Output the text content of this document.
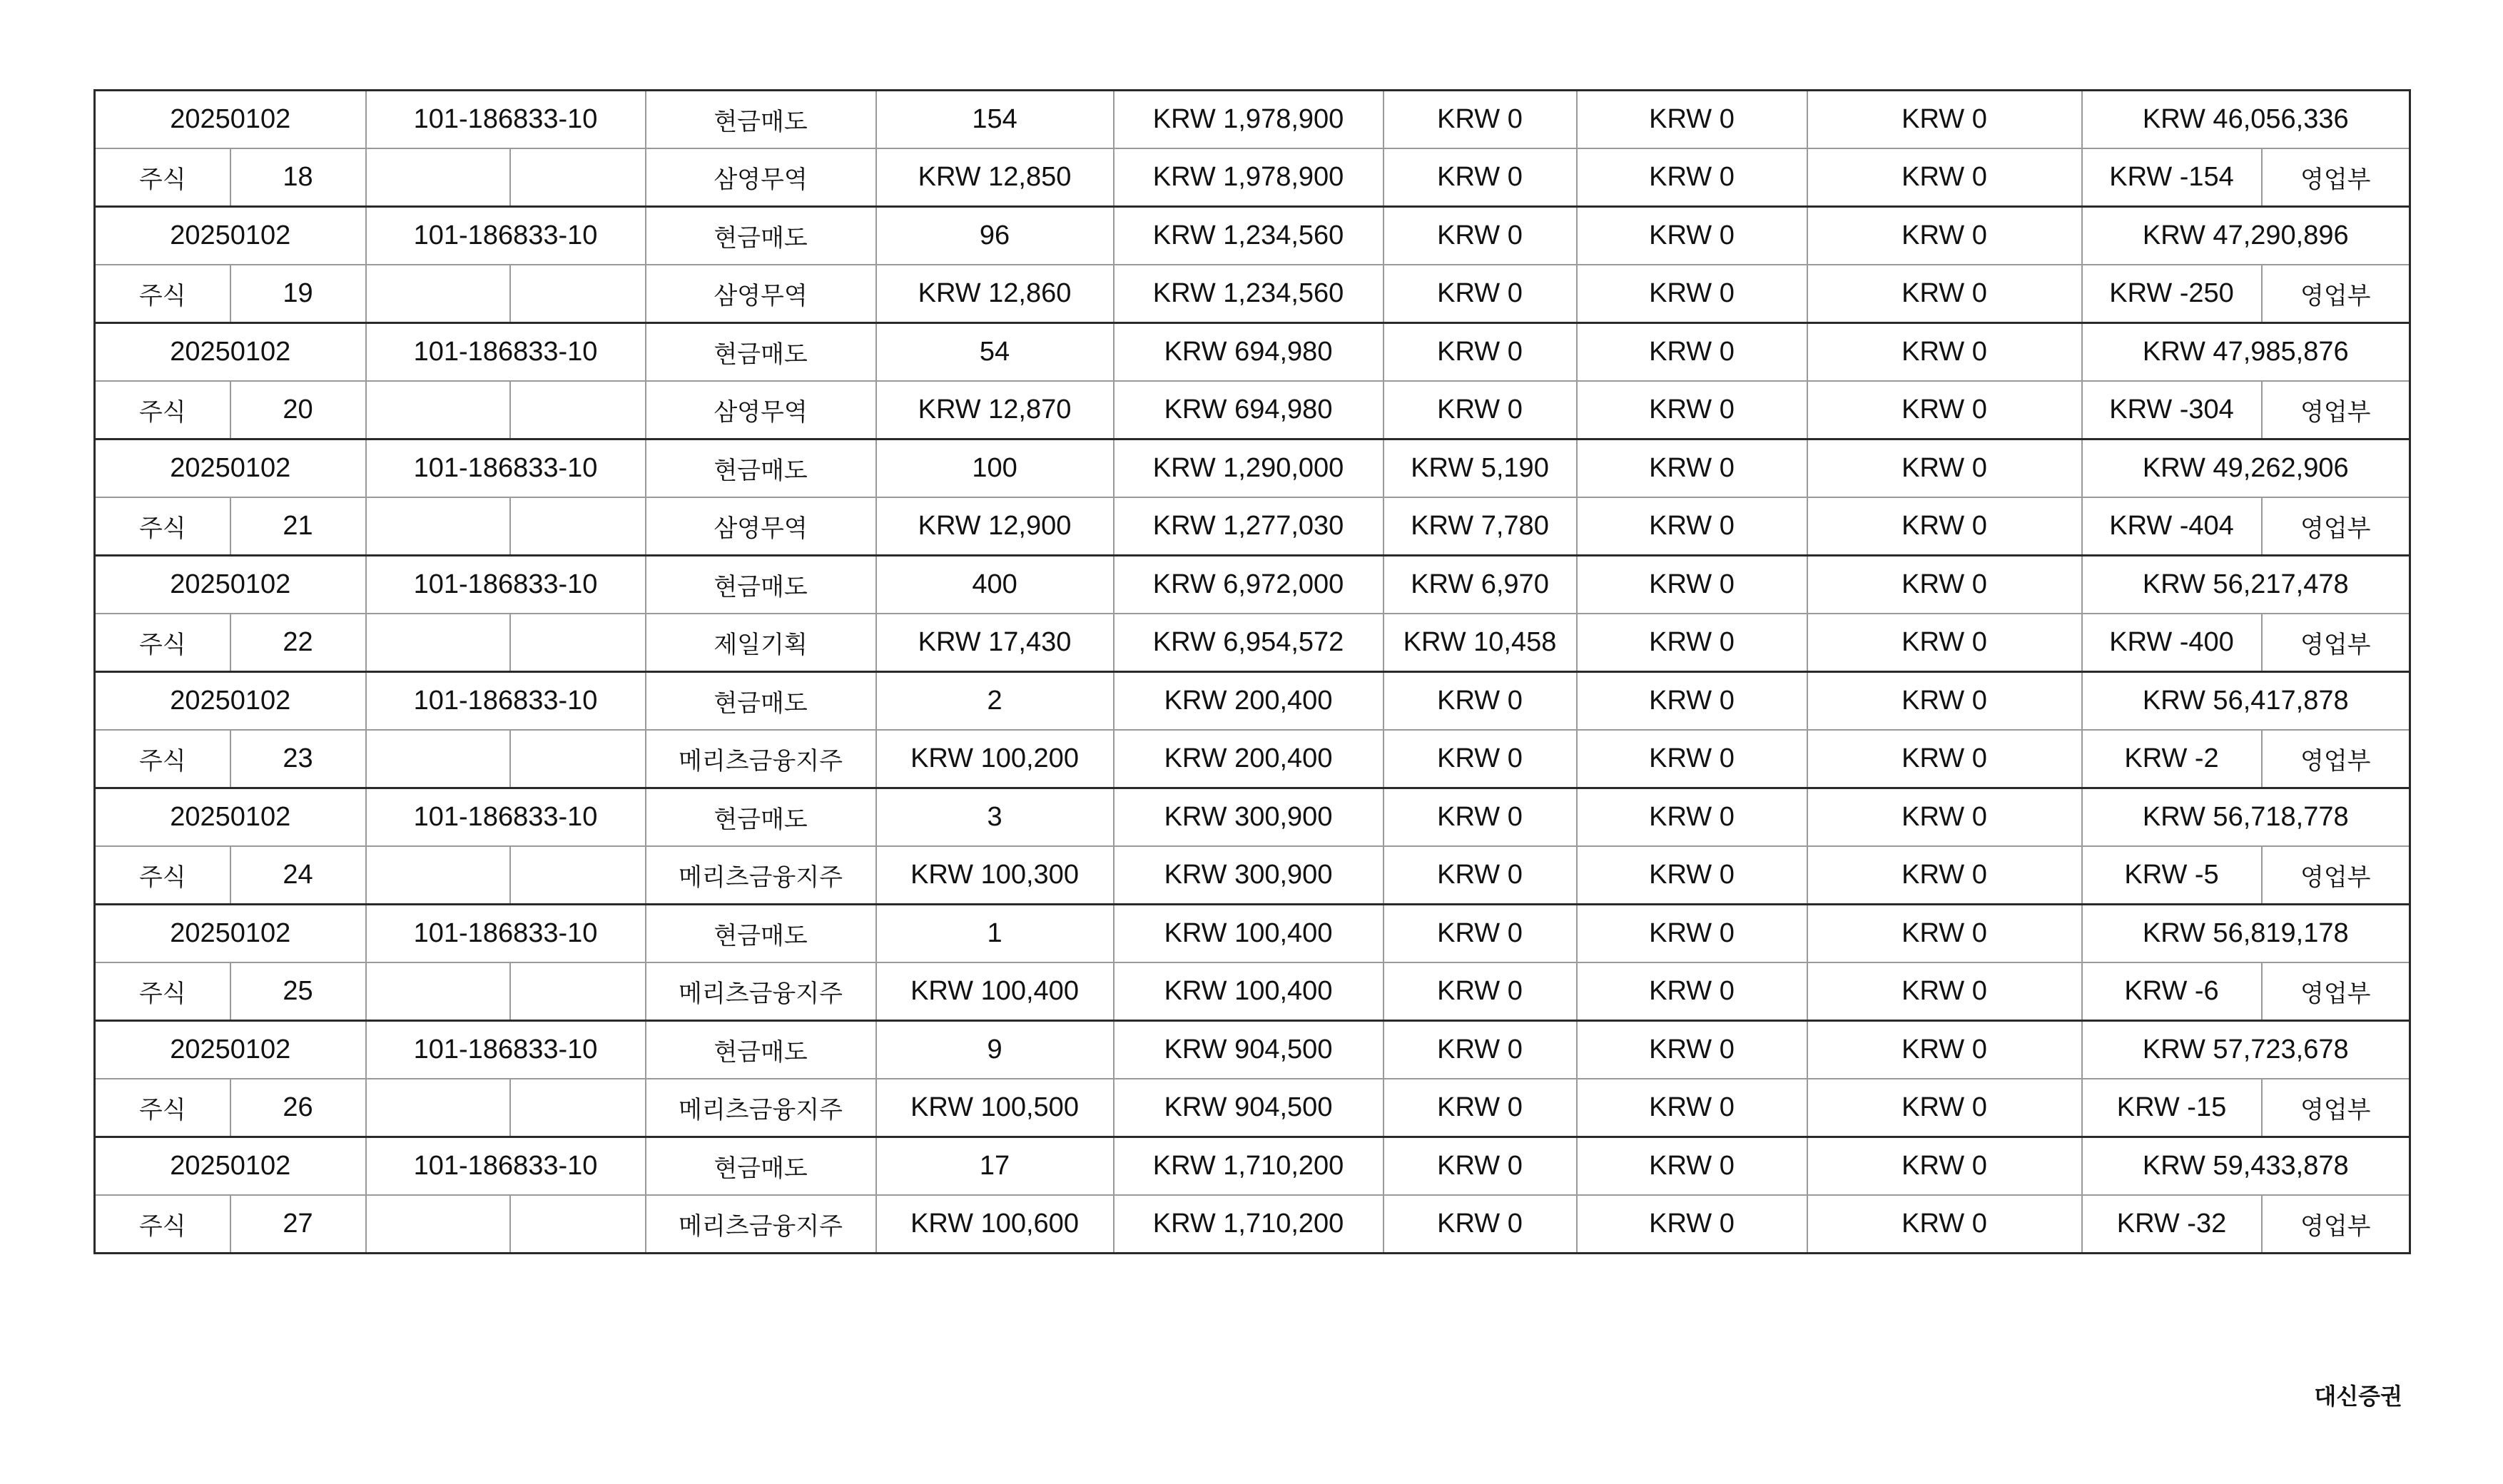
20250102		101-186833-10		현금매도	154	KRW 1,978,900	KRW 0	KRW 0	KRW 0	KRW 46,056,336	
주식	18			삼영무역	KRW 12,850	KRW 1,978,900	KRW 0	KRW 0	KRW 0	KRW -154	영업부
20250102		101-186833-10		현금매도	96	KRW 1,234,560	KRW 0	KRW 0	KRW 0	KRW 47,290,896	
주식	19			삼영무역	KRW 12,860	KRW 1,234,560	KRW 0	KRW 0	KRW 0	KRW -250	영업부
20250102		101-186833-10		현금매도	54	KRW 694,980	KRW 0	KRW 0	KRW 0	KRW 47,985,876	
주식	20			삼영무역	KRW 12,870	KRW 694,980	KRW 0	KRW 0	KRW 0	KRW -304	영업부
20250102		101-186833-10		현금매도	100	KRW 1,290,000	KRW 5,190	KRW 0	KRW 0	KRW 49,262,906	
주식	21			삼영무역	KRW 12,900	KRW 1,277,030	KRW 7,780	KRW 0	KRW 0	KRW -404	영업부
20250102		101-186833-10		현금매도	400	KRW 6,972,000	KRW 6,970	KRW 0	KRW 0	KRW 56,217,478	
주식	22			제일기획	KRW 17,430	KRW 6,954,572	KRW 10,458	KRW 0	KRW 0	KRW -400	영업부
20250102		101-186833-10		현금매도	2	KRW 200,400	KRW 0	KRW 0	KRW 0	KRW 56,417,878	
주식	23			메리츠금융지주	KRW 100,200	KRW 200,400	KRW 0	KRW 0	KRW 0	KRW -2	영업부
20250102		101-186833-10		현금매도	3	KRW 300,900	KRW 0	KRW 0	KRW 0	KRW 56,718,778	
주식	24			메리츠금융지주	KRW 100,300	KRW 300,900	KRW 0	KRW 0	KRW 0	KRW -5	영업부
20250102		101-186833-10		현금매도	1	KRW 100,400	KRW 0	KRW 0	KRW 0	KRW 56,819,178	
주식	25			메리츠금융지주	KRW 100,400	KRW 100,400	KRW 0	KRW 0	KRW 0	KRW -6	영업부
20250102		101-186833-10		현금매도	9	KRW 904,500	KRW 0	KRW 0	KRW 0	KRW 57,723,678	
주식	26			메리츠금융지주	KRW 100,500	KRW 904,500	KRW 0	KRW 0	KRW 0	KRW -15	영업부
20250102		101-186833-10		현금매도	17	KRW 1,710,200	KRW 0	KRW 0	KRW 0	KRW 59,433,878	
주식	27			메리츠금융지주	KRW 100,600	KRW 1,710,200	KRW 0	KRW 0	KRW 0	KRW -32	영업부
대신증권
